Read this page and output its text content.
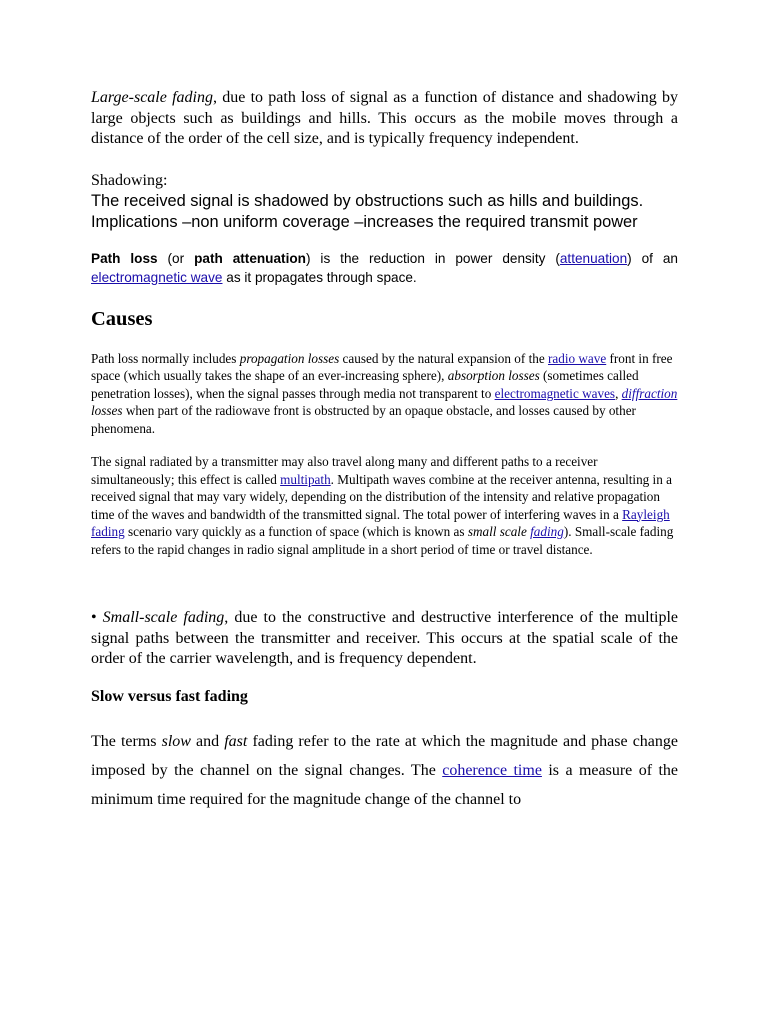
Large-scale fading, due to path loss of signal as a function of distance and shadowing by large objects such as buildings and hills. This occurs as the mobile moves through a distance of the order of the cell size, and is typically frequency independent.

Shadowing:

The received signal is shadowed by obstructions such as hills and buildings.

Implications –non uniform coverage –increases the required transmit power

Path loss (or path attenuation) is the reduction in power density (attenuation) of an electromagnetic wave as it propagates through space.

Causes

Path loss normally includes propagation losses caused by the natural expansion of the radio wave front in free space (which usually takes the shape of an ever-increasing sphere), absorption losses (sometimes called penetration losses), when the signal passes through media not transparent to electromagnetic waves, diffraction losses when part of the radiowave front is obstructed by an opaque obstacle, and losses caused by other phenomena.

The signal radiated by a transmitter may also travel along many and different paths to a receiver simultaneously; this effect is called multipath. Multipath waves combine at the receiver antenna, resulting in a received signal that may vary widely, depending on the distribution of the intensity and relative propagation time of the waves and bandwidth of the transmitted signal. The total power of interfering waves in a Rayleigh fading scenario vary quickly as a function of space (which is known as small scale fading). Small-scale fading refers to the rapid changes in radio signal amplitude in a short period of time or travel distance.

• Small-scale fading, due to the constructive and destructive interference of the multiple signal paths between the transmitter and receiver. This occurs at the spatial scale of the order of the carrier wavelength, and is frequency dependent.

Slow versus fast fading

The terms slow and fast fading refer to the rate at which the magnitude and phase change imposed by the channel on the signal changes. The coherence time is a measure of the minimum time required for the magnitude change of the channel to
